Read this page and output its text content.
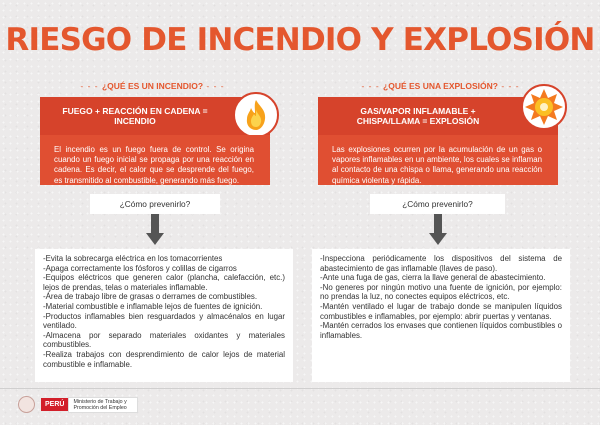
RIESGO DE INCENDIO Y EXPLOSIÓN
- - - ¿QUÉ ES UN INCENDIO? - - -
FUEGO + REACCIÓN EN CADENA = INCENDIO
El incendio es un fuego fuera de control. Se origina cuando un fuego inicial se propaga por una reacción en cadena. Es decir, el calor que se desprende del fuego, es transmitido al combustible, generando más fuego.
¿Cómo prevenirlo?
-Evita la sobrecarga eléctrica en los tomacorrientes
-Apaga correctamente los fósforos y colillas de cigarros
-Equipos eléctricos que generen calor (plancha, calefacción, etc.) lejos de prendas, telas o materiales inflamable.
-Área de trabajo libre de grasas o derrames de combustibles.
-Material combustible e inflamable lejos de fuentes de ignición.
-Productos inflamables bien resguardados y almacénalos en lugar ventilado.
-Almacena por separado materiales oxidantes y materiales combustibles.
-Realiza trabajos con desprendimiento de calor lejos de material combustible e inflamable.
- - - ¿QUÉ ES UNA EXPLOSIÓN? - - -
GAS/VAPOR INFLAMABLE + CHISPA/LLAMA = EXPLOSIÓN
Las explosiones ocurren por la acumulación de un gas o vapores inflamables en un ambiente, los cuales se inflaman al contacto de una chispa o llama, generando una reacción química violenta y rápida.
¿Cómo prevenirlo?
-Inspecciona periódicamente los dispositivos del sistema de abastecimiento de gas inflamable (llaves de paso).
-Ante una fuga de gas, cierra la llave general de abastecimiento.
-No generes por ningún motivo una fuente de ignición, por ejemplo: no prendas la luz, no conectes equipos eléctricos, etc.
-Mantén ventilado el lugar de trabajo donde se manipulen líquidos combustibles e inflamables, por ejemplo: abrir puertas y ventanas.
-Mantén cerrados los envases que contienen líquidos combustibles o inflamables.
PERÚ	Ministerio de Trabajo y Promoción del Empleo
